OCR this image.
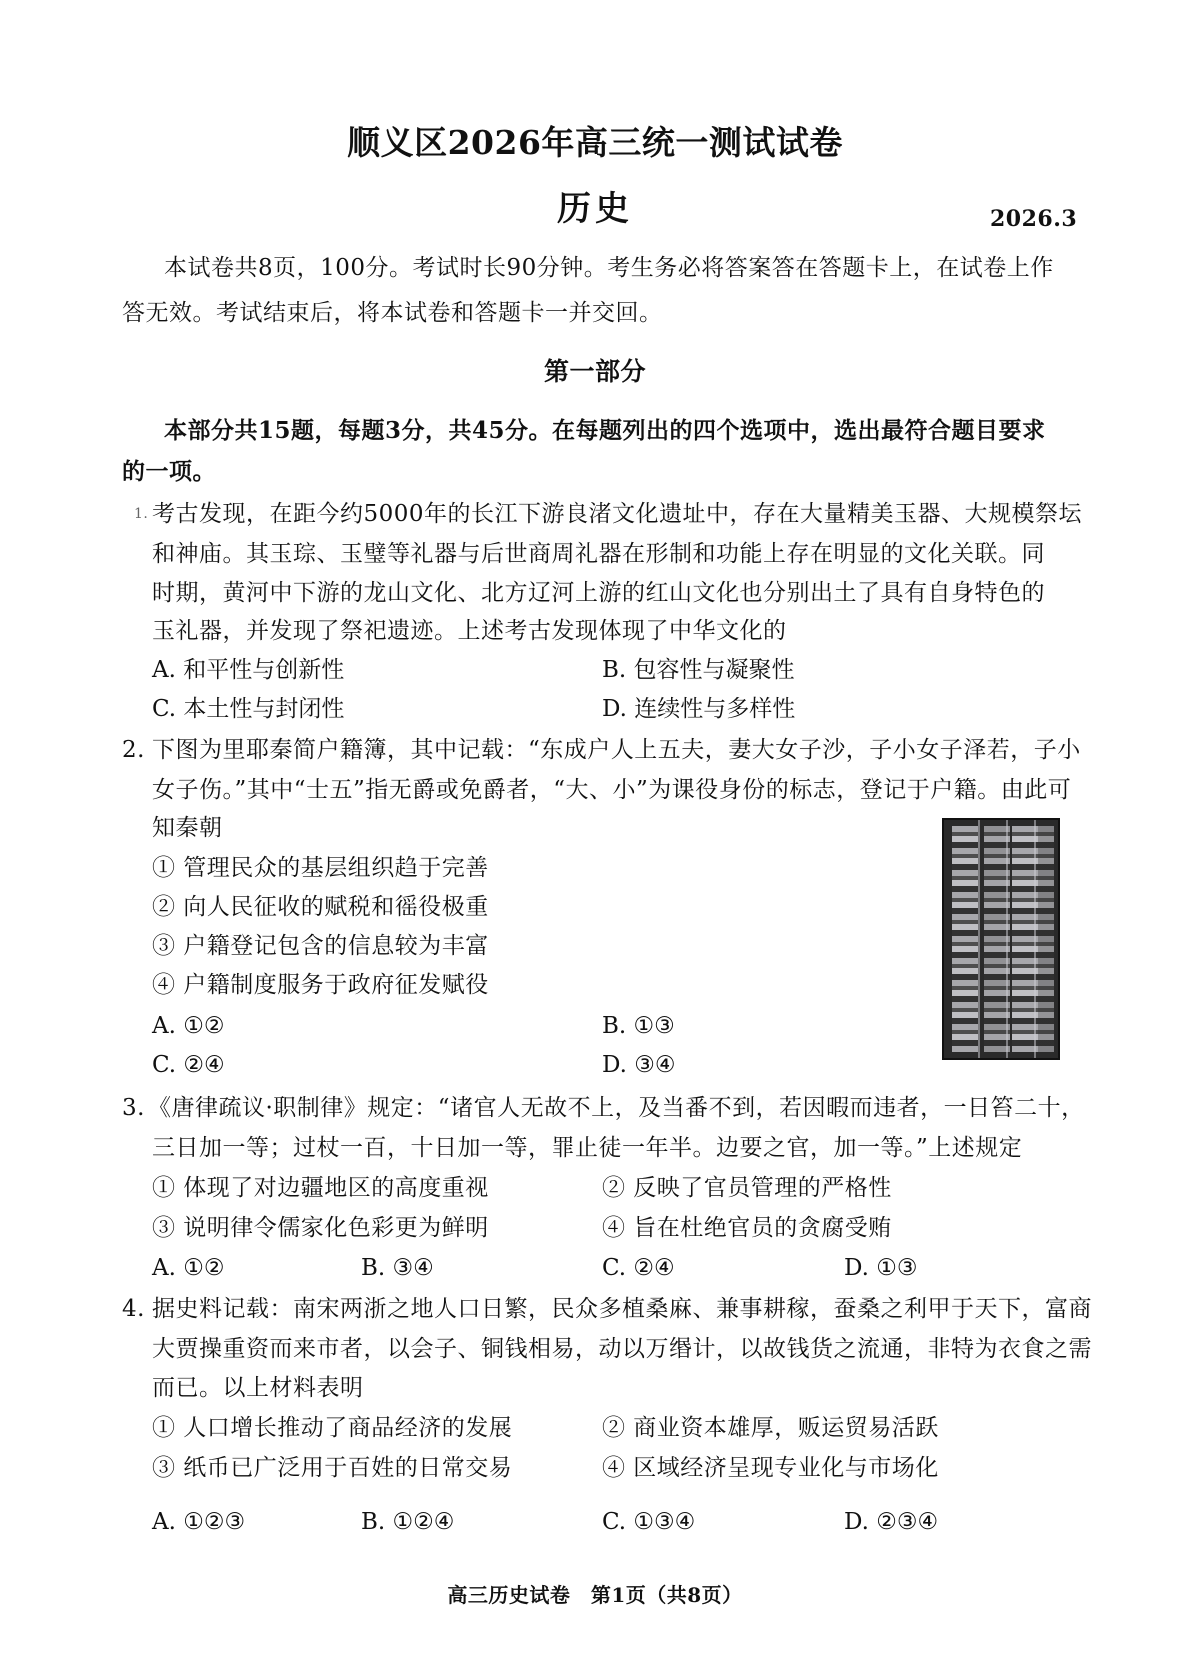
顺义区2026年高三统一测试试卷
历史	2026.3
本试卷共8页，100分。考试时长90分钟。考生务必将答案答在答题卡上，在试卷上作
答无效。考试结束后，将本试卷和答题卡一并交回。
第一部分
本部分共15题，每题3分，共45分。在每题列出的四个选项中，选出最符合题目要求
的一项。
1. 考古发现，在距今约5000年的长江下游良渚文化遗址中，存在大量精美玉器、大规模祭坛
和神庙。其玉琮、玉璧等礼器与后世商周礼器在形制和功能上存在明显的文化关联。同
时期，黄河中下游的龙山文化、北方辽河上游的红山文化也分别出土了具有自身特色的
玉礼器，并发现了祭祀遗迹。上述考古发现体现了中华文化的
A. 和平性与创新性	B. 包容性与凝聚性
C. 本土性与封闭性	D. 连续性与多样性
2. 下图为里耶秦简户籍簿，其中记载：“东成户人上五夫，妻大女子沙，子小女子泽若，子小
女子伤。”其中“士五”指无爵或免爵者，“大、小”为课役身份的标志，登记于户籍。由此可
知秦朝
① 管理民众的基层组织趋于完善
② 向人民征收的赋税和徭役极重
③ 户籍登记包含的信息较为丰富
④ 户籍制度服务于政府征发赋役
A. ①②	B. ①③
C. ②④	D. ③④
3. 《唐律疏议·职制律》规定：“诸官人无故不上，及当番不到，若因暇而违者，一日笞二十，
三日加一等；过杖一百，十日加一等，罪止徒一年半。边要之官，加一等。”上述规定
① 体现了对边疆地区的高度重视	② 反映了官员管理的严格性
③ 说明律令儒家化色彩更为鲜明	④ 旨在杜绝官员的贪腐受贿
A. ①②	B. ③④	C. ②④	D. ①③
4. 据史料记载：南宋两浙之地人口日繁，民众多植桑麻、兼事耕稼，蚕桑之利甲于天下，富商
大贾操重资而来市者，以会子、铜钱相易，动以万缗计，以故钱货之流通，非特为衣食之需
而已。以上材料表明
① 人口增长推动了商品经济的发展	② 商业资本雄厚，贩运贸易活跃
③ 纸币已广泛用于百姓的日常交易	④ 区域经济呈现专业化与市场化
A. ①②③	B. ①②④	C. ①③④	D. ②③④
高三历史试卷　第1页（共8页）
